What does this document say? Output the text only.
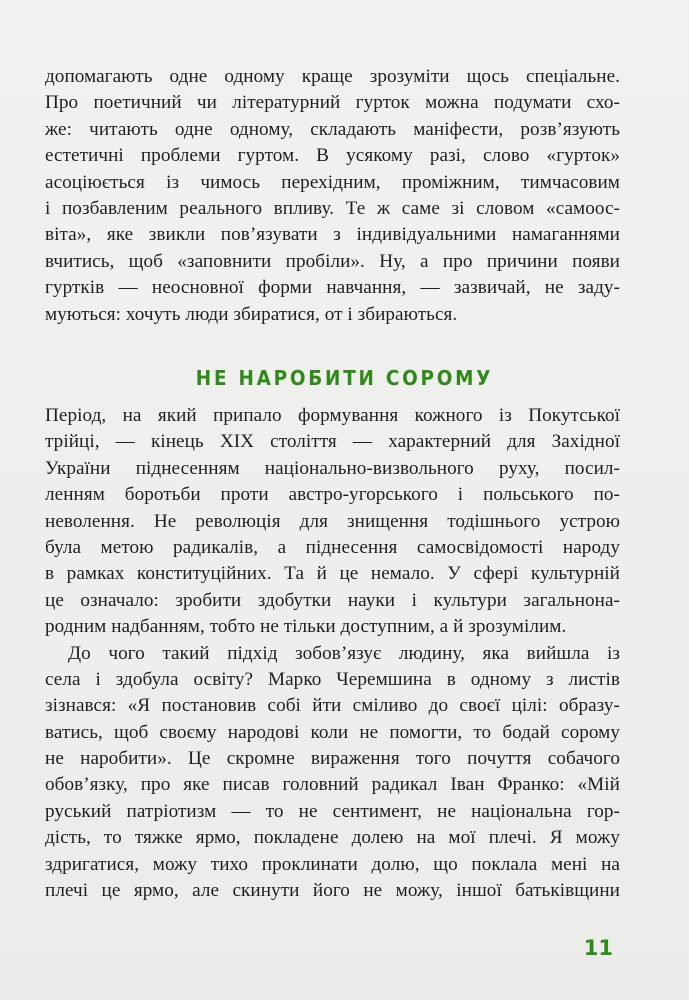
допомагають одне одному краще зрозуміти щось спеціальне.
Про поетичний чи літературний гурток можна подумати схо-
же: читають одне одному, складають маніфести, розв’язують
естетичні проблеми гуртом. В усякому разі, слово «гурток»
асоціюється із чимось перехідним, проміжним, тимчасовим
і позбавленим реального впливу. Те ж саме зі словом «самоос-
віта», яке звикли пов’язувати з індивідуальними намаганнями
вчитись, щоб «заповнити пробіли». Ну, а про причини появи
гуртків — неосновної форми навчання, — зазвичай, не заду-
муються: хочуть люди збиратися, от і збираються.
НЕ НАРОБИТИ СОРОМУ
Період, на який припало формування кожного із Покутської
трійці, — кінець XIX століття — характерний для Західної
України піднесенням національно-визвольного руху, посил-
ленням боротьби проти австро-угорського і польського по-
неволення. Не революція для знищення тодішнього устрою
була метою радикалів, а піднесення самосвідомості народу
в рамках конституційних. Та й це немало. У сфері культурній
це означало: зробити здобутки науки і культури загальнона-
родним надбанням, тобто не тільки доступним, а й зрозумілим.
До чого такий підхід зобов’язує людину, яка вийшла із
села і здобула освіту? Марко Черемшина в одному з листів
зізнався: «Я постановив собі йти сміливо до своєї цілі: образу-
ватись, щоб своєму народові коли не помогти, то бодай сорому
не наробити». Це скромне вираження того почуття собачого
обов’язку, про яке писав головний радикал Іван Франко: «Мій
руський патріотизм — то не сентимент, не національна гор-
дість, то тяжке ярмо, покладене долею на мої плечі. Я можу
здригатися, можу тихо проклинати долю, що поклала мені на
плечі це ярмо, але скинути його не можу, іншої батьківщини
11
